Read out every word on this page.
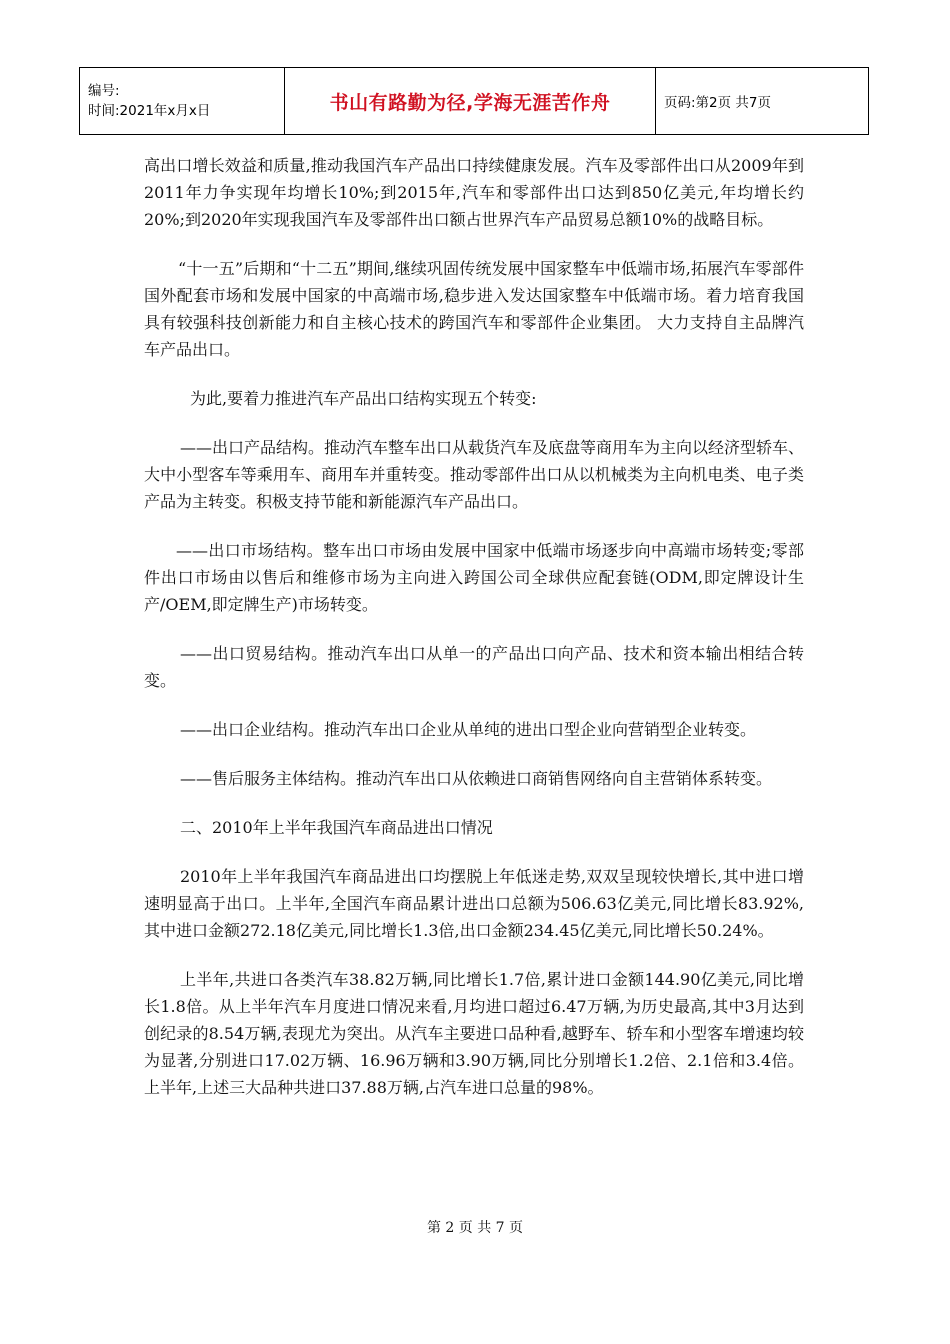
编号:
时间:2021年x月x日	书山有路勤为径,学海无涯苦作舟	页码:第2页 共7页

高出口增长效益和质量,推动我国汽车产品出口持续健康发展。汽车及零部件出口从2009年到2011年力争实现年均增长10%;到2015年,汽车和零部件出口达到850亿美元,年均增长约20%;到2020年实现我国汽车及零部件出口额占世界汽车产品贸易总额10%的战略目标。

“十一五”后期和“十二五”期间,继续巩固传统发展中国家整车中低端市场,拓展汽车零部件国外配套市场和发展中国家的中高端市场,稳步进入发达国家整车中低端市场。着力培育我国具有较强科技创新能力和自主核心技术的跨国汽车和零部件企业集团。 大力支持自主品牌汽车产品出口。

为此,要着力推进汽车产品出口结构实现五个转变:

——出口产品结构。推动汽车整车出口从载货汽车及底盘等商用车为主向以经济型轿车、大中小型客车等乘用车、商用车并重转变。推动零部件出口从以机械类为主向机电类、电子类产品为主转变。积极支持节能和新能源汽车产品出口。

——出口市场结构。整车出口市场由发展中国家中低端市场逐步向中高端市场转变;零部件出口市场由以售后和维修市场为主向进入跨国公司全球供应配套链(ODM,即定牌设计生产/OEM,即定牌生产)市场转变。

——出口贸易结构。推动汽车出口从单一的产品出口向产品、技术和资本输出相结合转变。

——出口企业结构。推动汽车出口企业从单纯的进出口型企业向营销型企业转变。

——售后服务主体结构。推动汽车出口从依赖进口商销售网络向自主营销体系转变。

二、2010年上半年我国汽车商品进出口情况

2010年上半年我国汽车商品进出口均摆脱上年低迷走势,双双呈现较快增长,其中进口增速明显高于出口。上半年,全国汽车商品累计进出口总额为506.63亿美元,同比增长83.92%,其中进口金额272.18亿美元,同比增长1.3倍,出口金额234.45亿美元,同比增长50.24%。

上半年,共进口各类汽车38.82万辆,同比增长1.7倍,累计进口金额144.90亿美元,同比增长1.8倍。从上半年汽车月度进口情况来看,月均进口超过6.47万辆,为历史最高,其中3月达到创纪录的8.54万辆,表现尤为突出。从汽车主要进口品种看,越野车、轿车和小型客车增速均较为显著,分别进口17.02万辆、16.96万辆和3.90万辆,同比分别增长1.2倍、2.1倍和3.4倍。上半年,上述三大品种共进口37.88万辆,占汽车进口总量的98%。

第 2 页 共 7 页
